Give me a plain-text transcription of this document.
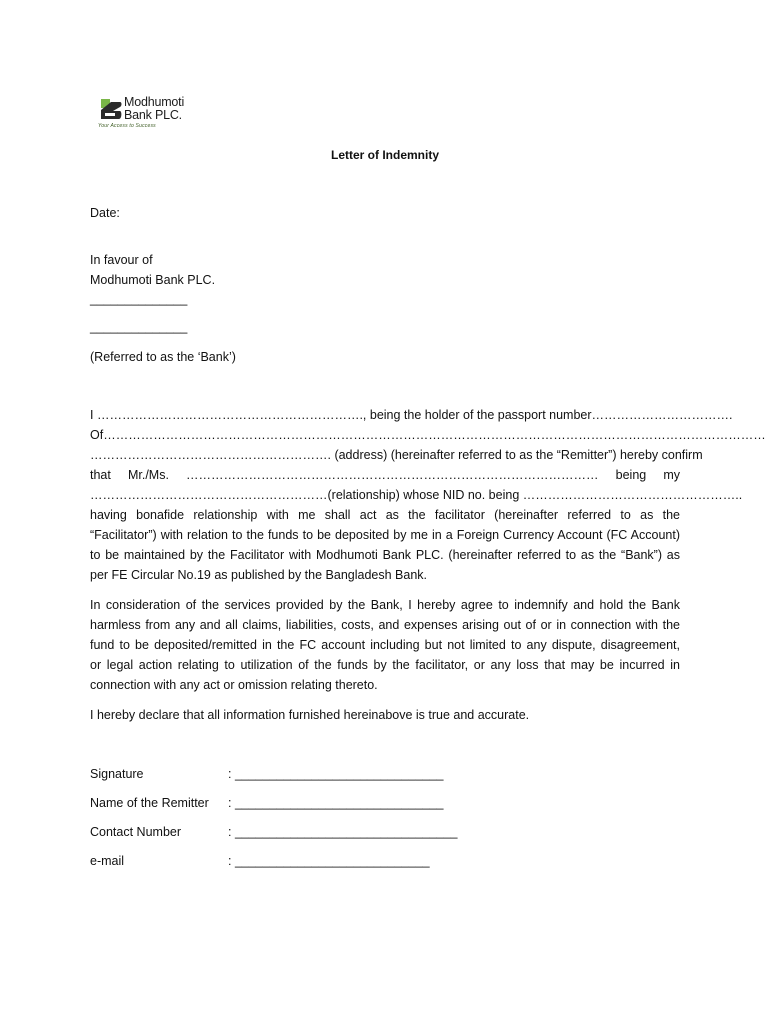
Modhumoti
Bank PLC.
Your Access to Success
Letter of Indemnity
Date:
In favour of
Modhumoti Bank PLC.
______________
______________
(Referred to as the ‘Bank’)
I ………………………………………………………., being the holder of the passport number…………………………….
Of……………………………………………………………………………………………………………………………………………
…………………………………………………. (address) (hereinafter referred to as the “Remitter”) hereby confirm
that Mr./Ms. ……………………………………………………………………………………… being my
…………………………………………………(relationship) whose NID no. being ……………………………………………..
having bonafide relationship with me shall act as the facilitator (hereinafter referred to as the
“Facilitator”) with relation to the funds to be deposited by me in a Foreign Currency Account (FC Account)
to be maintained by the Facilitator with Modhumoti Bank PLC. (hereinafter referred to as the “Bank”) as
per FE Circular No.19 as published by the Bangladesh Bank.
In consideration of the services provided by the Bank, I hereby agree to indemnify and hold the Bank
harmless from any and all claims, liabilities, costs, and expenses arising out of or in connection with the
fund to be deposited/remitted in the FC account including but not limited to any dispute, disagreement,
or legal action relating to utilization of the funds by the facilitator, or any loss that may be incurred in
connection with any act or omission relating thereto.
I hereby declare that all information furnished hereinabove is true and accurate.
Signature	: ______________________________
Name of the Remitter : ______________________________
Contact Number	: ________________________________
e-mail	: ____________________________
